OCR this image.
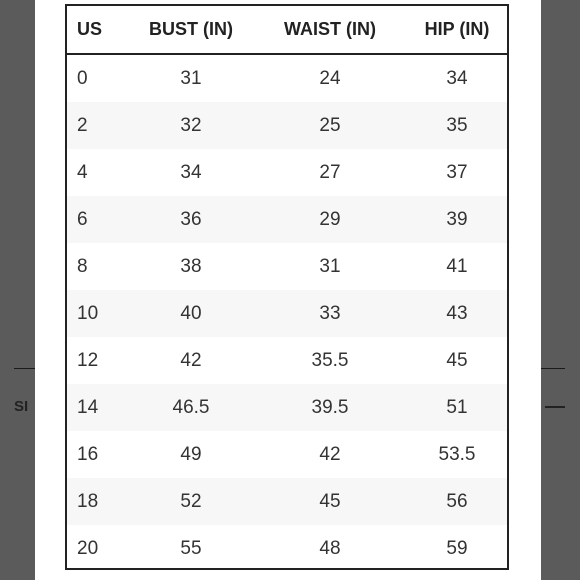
SI
US	BUST (IN)	WAIST (IN)	HIP (IN)
0	31	24	34
2	32	25	35
4	34	27	37
6	36	29	39
8	38	31	41
10	40	33	43
12	42	35.5	45
14	46.5	39.5	51
16	49	42	53.5
18	52	45	56
20	55	48	59
